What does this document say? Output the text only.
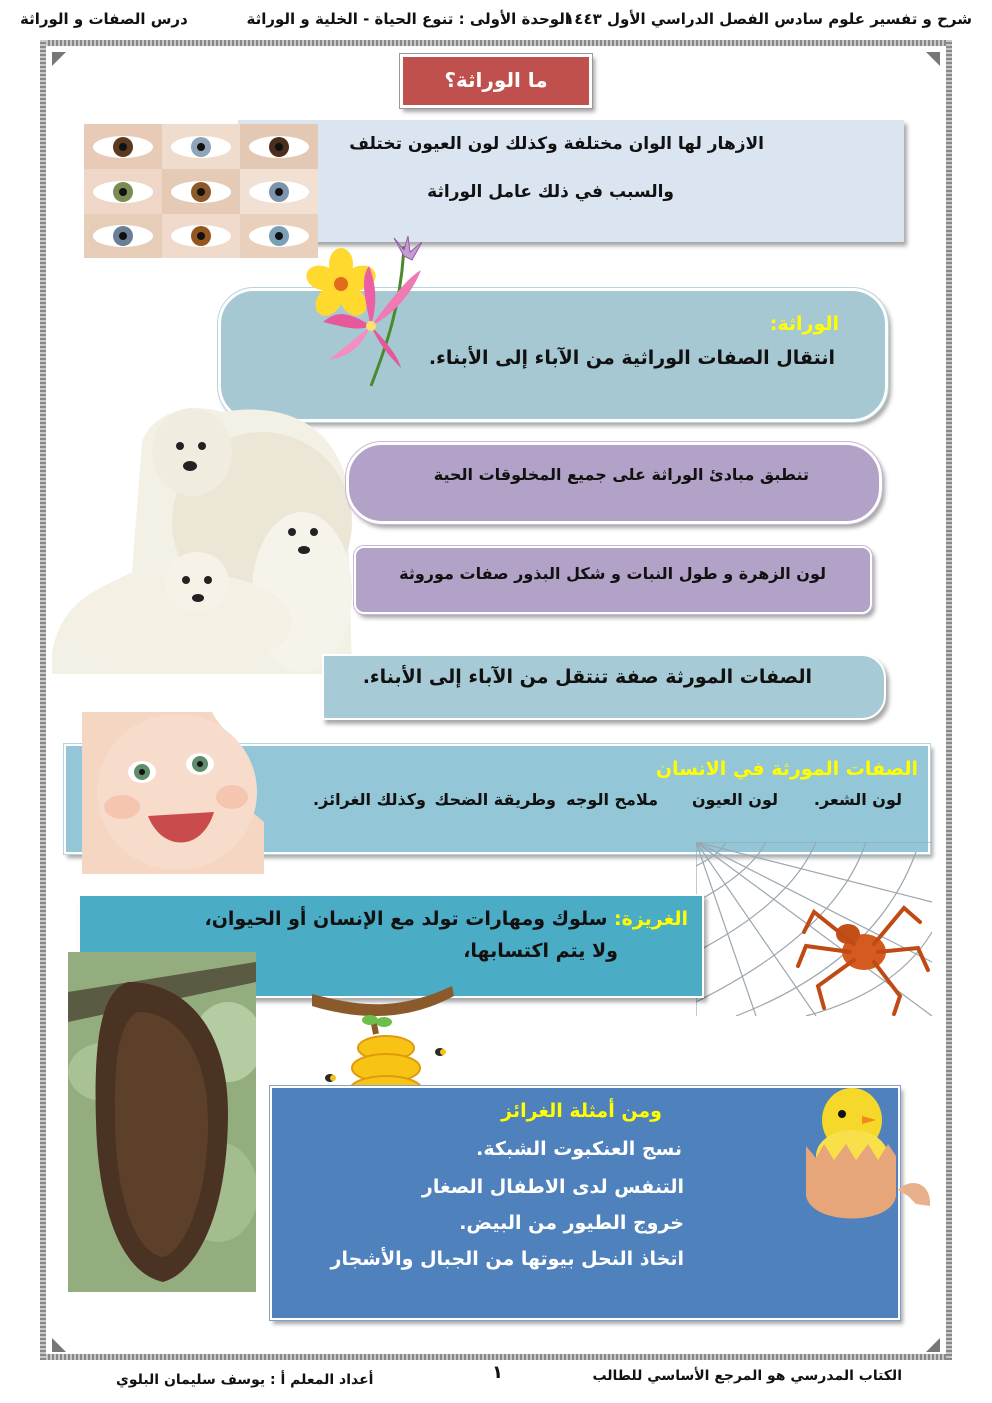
شرح و تفسير علوم سادس الفصل الدراسي الأول ١٤٤٣
الوحدة الأولى : تنوع الحياة - الخلية و الوراثة
درس الصفات و الوراثة
ما الوراثة؟
الازهار لها الوان مختلفة وكذلك لون العيون تختلف
والسبب في ذلك عامل الوراثة
الوراثة:
انتقال الصفات الوراثية من الآباء إلى الأبناء.
تنطبق مبادئ الوراثة على جميع المخلوقات الحية
لون الزهرة و طول النبات و شكل البذور صفات موروثة
الصفات المورثة صفة تنتقل من الآباء إلى الأبناء.
الصفات المورثة في الانسان
لون الشعر.
لون العيون
ملامح الوجه
وطريقة الضحك
وكذلك الغرائز.
الغريزة: سلوك ومهارات تولد مع الإنسان أو الحيوان،
ولا يتم اكتسابها،
ومن أمثلة الغرائز
نسج العنكبوت الشبكة.
التنفس لدى الاطفال الصغار
خروج الطيور من البيض.
اتخاذ النحل بيوتها من الجبال والأشجار
الكتاب المدرسي هو المرجع الأساسي للطالب
١
أعداد المعلم أ : يوسف سليمان البلوي
